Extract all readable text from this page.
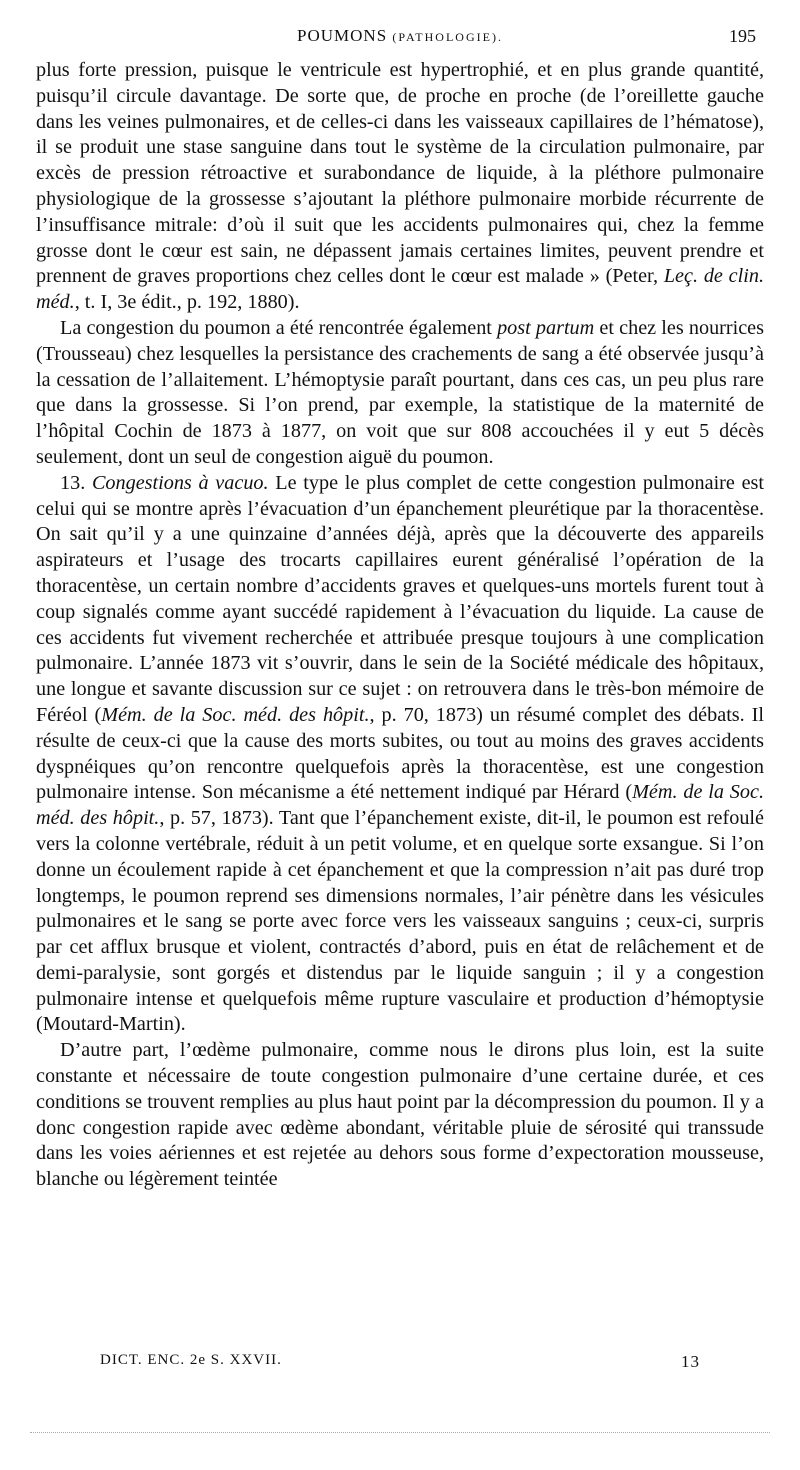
POUMONS (PATHOLOGIE).	195

plus forte pression, puisque le ventricule est hypertrophié, et en plus grande quantité, puisqu’il circule davantage. De sorte que, de proche en proche (de l’oreillette gauche dans les veines pulmonaires, et de celles-ci dans les vaisseaux capillaires de l’hématose), il se produit une stase sanguine dans tout le système de la circulation pulmonaire, par excès de pression rétroactive et surabondance de liquide, à la pléthore pulmonaire physiologique de la grossesse s’ajoutant la pléthore pulmonaire morbide récurrente de l’insuffisance mitrale: d’où il suit que les accidents pulmonaires qui, chez la femme grosse dont le cœur est sain, ne dépassent jamais certaines limites, peuvent prendre et prennent de graves proportions chez celles dont le cœur est malade » (Peter, Leç. de clin. méd., t. I, 3e édit., p. 192, 1880).

La congestion du poumon a été rencontrée également post partum et chez les nourrices (Trousseau) chez lesquelles la persistance des crachements de sang a été observée jusqu’à la cessation de l’allaitement. L’hémoptysie paraît pourtant, dans ces cas, un peu plus rare que dans la grossesse. Si l’on prend, par exemple, la statistique de la maternité de l’hôpital Cochin de 1873 à 1877, on voit que sur 808 accouchées il y eut 5 décès seulement, dont un seul de congestion aiguë du poumon.

13. Congestions à vacuo. Le type le plus complet de cette congestion pulmonaire est celui qui se montre après l’évacuation d’un épanchement pleurétique par la thoracentèse. On sait qu’il y a une quinzaine d’années déjà, après que la découverte des appareils aspirateurs et l’usage des trocarts capillaires eurent généralisé l’opération de la thoracentèse, un certain nombre d’accidents graves et quelques-uns mortels furent tout à coup signalés comme ayant succédé rapidement à l’évacuation du liquide. La cause de ces accidents fut vivement recherchée et attribuée presque toujours à une complication pulmonaire. L’année 1873 vit s’ouvrir, dans le sein de la Société médicale des hôpitaux, une longue et savante discussion sur ce sujet : on retrouvera dans le très-bon mémoire de Féréol (Mém. de la Soc. méd. des hôpit., p. 70, 1873) un résumé complet des débats. Il résulte de ceux-ci que la cause des morts subites, ou tout au moins des graves accidents dyspnéiques qu’on rencontre quelquefois après la thoracentèse, est une congestion pulmonaire intense. Son mécanisme a été nettement indiqué par Hérard (Mém. de la Soc. méd. des hôpit., p. 57, 1873). Tant que l’épanchement existe, dit-il, le poumon est refoulé vers la colonne vertébrale, réduit à un petit volume, et en quelque sorte exsangue. Si l’on donne un écoulement rapide à cet épanchement et que la compression n’ait pas duré trop longtemps, le poumon reprend ses dimensions normales, l’air pénètre dans les vésicules pulmonaires et le sang se porte avec force vers les vaisseaux sanguins ; ceux-ci, surpris par cet afflux brusque et violent, contractés d’abord, puis en état de relâchement et de demi-paralysie, sont gorgés et distendus par le liquide sanguin ; il y a congestion pulmonaire intense et quelquefois même rupture vasculaire et production d’hémoptysie (Moutard-Martin).

D’autre part, l’œdème pulmonaire, comme nous le dirons plus loin, est la suite constante et nécessaire de toute congestion pulmonaire d’une certaine durée, et ces conditions se trouvent remplies au plus haut point par la décompression du poumon. Il y a donc congestion rapide avec œdème abondant, véritable pluie de sérosité qui transsude dans les voies aériennes et est rejetée au dehors sous forme d’expectoration mousseuse, blanche ou légèrement teintée

DICT. ENC. 2e S. XXVII.	13
